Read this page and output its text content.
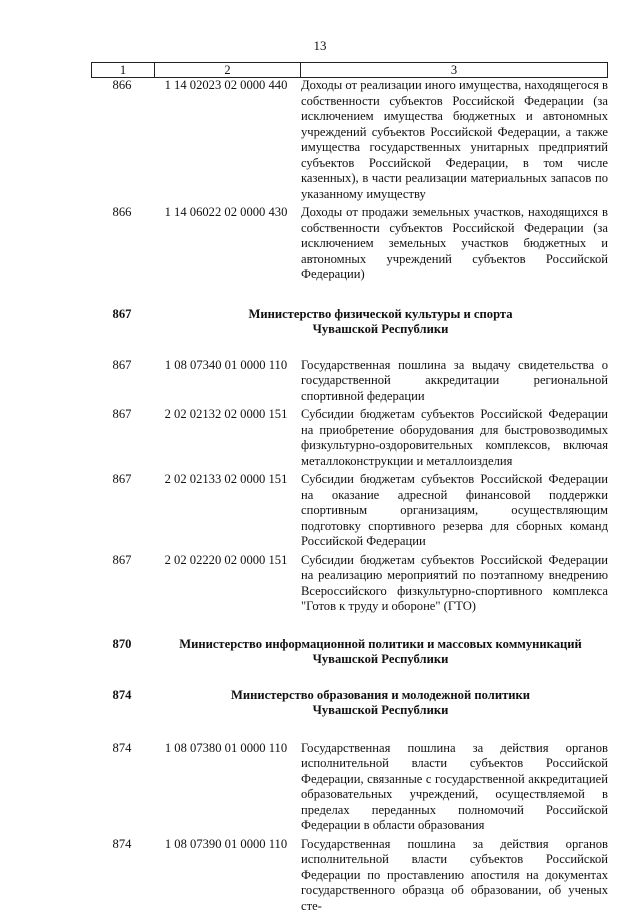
13
1	2	3
866	1 14 02023 02 0000 440	Доходы от реализации иного имущества, находящегося в собственности субъектов Российской Федерации (за исключением имущества бюджетных и автономных учреждений субъектов Российской Федерации, а также имущества государственных унитарных предприятий субъектов Российской Федерации, в том числе казенных), в части реализации материальных запасов по указанному имуществу
866	1 14 06022 02 0000 430	Доходы от продажи земельных участков, находящихся в собственности субъектов Российской Федерации (за исключением земельных участков бюджетных и автономных учреждений субъектов Российской Федерации)
867	Министерство физической культуры и спорта
Чувашской Республики
867	1 08 07340 01 0000 110	Государственная пошлина за выдачу свидетельства о государственной аккредитации региональной спортивной федерации
867	2 02 02132 02 0000 151	Субсидии бюджетам субъектов Российской Федерации на приобретение оборудования для быстровозводимых физкультурно-оздоровительных комплексов, включая металлоконструкции и металлоизделия
867	2 02 02133 02 0000 151	Субсидии бюджетам субъектов Российской Федерации на оказание адресной финансовой поддержки спортивным организациям, осуществляющим подготовку спортивного резерва для сборных команд Российской Федерации
867	2 02 02220 02 0000 151	Субсидии бюджетам субъектов Российской Федерации на реализацию мероприятий по поэтапному внедрению Всероссийского физкультурно-спортивного комплекса "Готов к труду и обороне" (ГТО)
870	Министерство информационной политики и массовых коммуникаций
Чувашской Республики
874	Министерство образования и молодежной политики
Чувашской Республики
874	1 08 07380 01 0000 110	Государственная пошлина за действия органов исполнительной власти субъектов Российской Федерации, связанные с государственной аккредитацией образовательных учреждений, осуществляемой в пределах переданных полномочий Российской Федерации в области образования
874	1 08 07390 01 0000 110	Государственная пошлина за действия органов исполнительной власти субъектов Российской Федерации по проставлению апостиля на документах государственного образца об образовании, об ученых сте-
